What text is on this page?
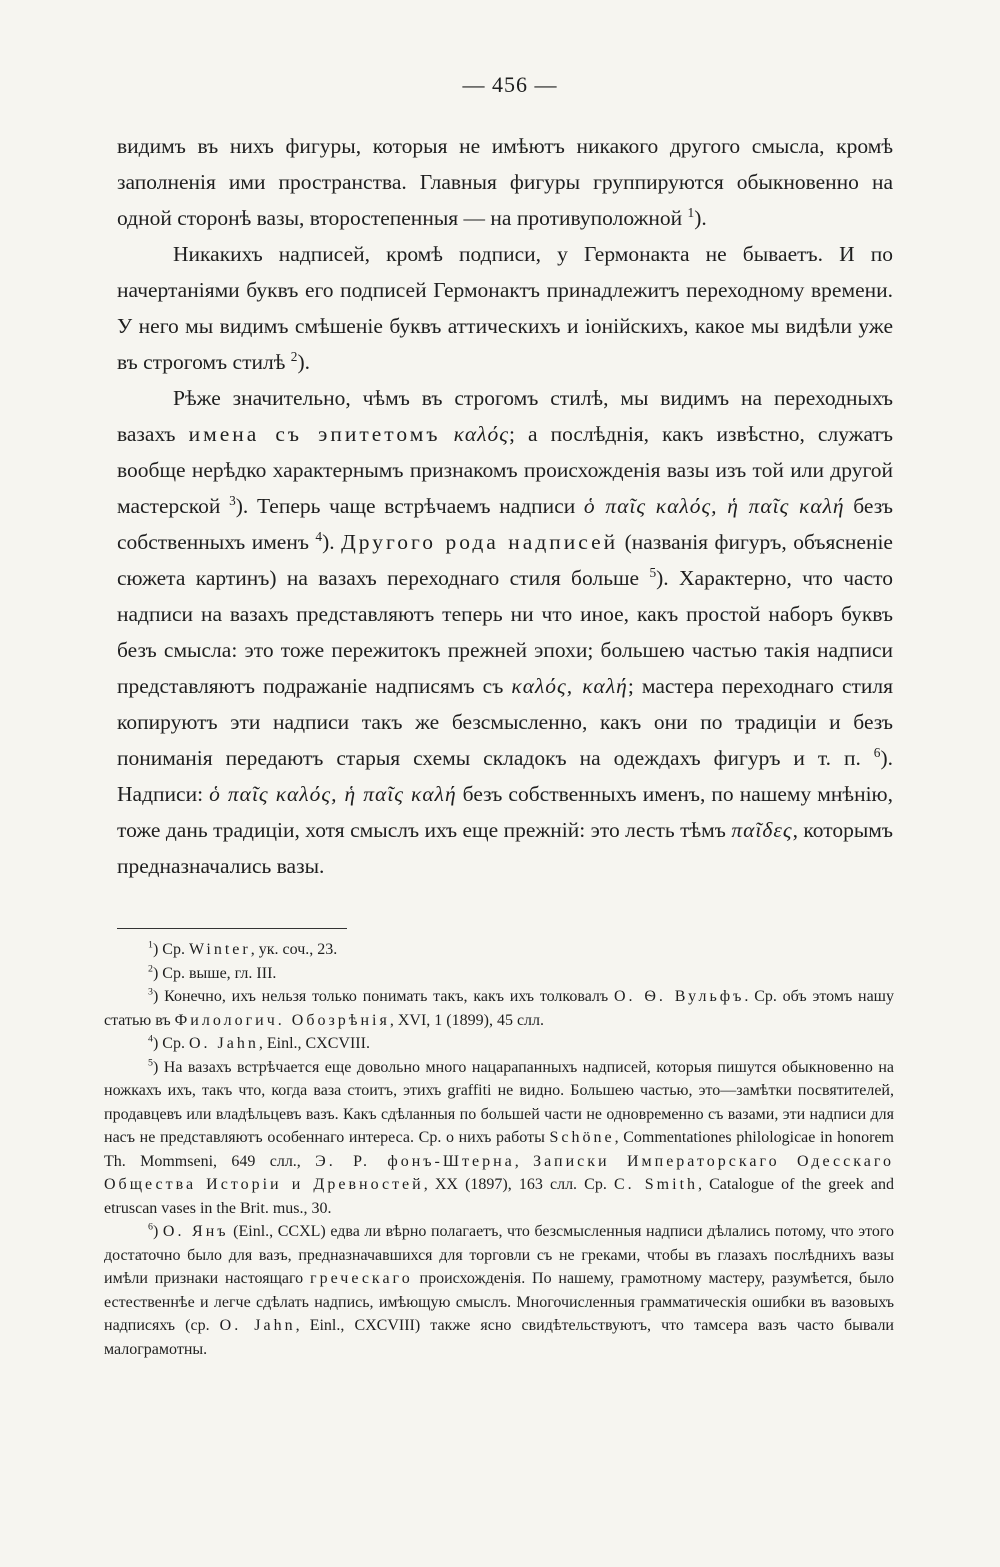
— 456 —

видимъ въ нихъ фигуры, которыя не имѣютъ никакого другого смысла, кромѣ заполненія ими пространства. Главныя фигуры группируются обыкновенно на одной сторонѣ вазы, второстепенныя — на противуположной $^1$).

Никакихъ надписей, кромѣ подписи, у Гермонакта не бываетъ. И по начертаніями буквъ его подписей Гермонактъ принадлежитъ переходному времени. У него мы видимъ смѣшеніе буквъ аттическихъ и іонійскихъ, какое мы видѣли уже въ строгомъ стилѣ $^2$).

Рѣже значительно, чѣмъ въ строгомъ стилѣ, мы видимъ на переходныхъ вазахъ имена съ эпитетомъ καλός; а послѣднія, какъ извѣстно, служатъ вообще нерѣдко характернымъ признакомъ происхожденія вазы изъ той или другой мастерской $^3$). Теперь чаще встрѣчаемъ надписи ὁ παῖς καλός, ἡ παῖς καλή безъ собственныхъ именъ $^4$). Другого рода надписей (названія фигуръ, объясненіе сюжета картинъ) на вазахъ переходнаго стиля больше $^5$). Характерно, что часто надписи на вазахъ представляютъ теперь ни что иное, какъ простой наборъ буквъ безъ смысла: это тоже пережитокъ прежней эпохи; большею частью такія надписи представляютъ подражаніе надписямъ съ καλός, καλή; мастера переходнаго стиля копируютъ эти надписи такъ же безсмысленно, какъ они по традиціи и безъ пониманія передаютъ старыя схемы складокъ на одеждахъ фигуръ и т. п. $^6$). Надписи: ὁ παῖς καλός, ἡ παῖς καλή безъ собственныхъ именъ, по нашему мнѣнію, тоже дань традиціи, хотя смыслъ ихъ еще прежній: это лесть тѣмъ παῖδες, которымъ предназначались вазы.

$^1$) Ср. Winter, ук. соч., 23.

$^2$) Ср. выше, гл. III.

$^3$) Конечно, ихъ нельзя только понимать такъ, какъ ихъ толковалъ О. Ѳ. Вульфъ. Ср. объ этомъ нашу статью въ Филологич. Обозрѣнія, XVI, 1 (1899), 45 слл.

$^4$) Ср. O. Jahn, Einl., CXCVIII.

$^5$) На вазахъ встрѣчается еще довольно много нацарапанныхъ надписей, которыя пишутся обыкновенно на ножкахъ ихъ, такъ что, когда ваза стоитъ, этихъ graffiti не видно. Большею частью, это—замѣтки посвятителей, продавцевъ или владѣльцевъ вазъ. Какъ сдѣланныя по большей части не одновременно съ вазами, эти надписи для насъ не представляютъ особеннаго интереса. Ср. о нихъ работы Schöne, Commentationes philologicae in honorem Th. Mommseni, 649 слл., Э. Р. фонъ-Штерна, Записки Императорскаго Одесскаго Общества Исторіи и Древностей, XX (1897), 163 слл. Ср. C. Smith, Catalogue of the greek and etruscan vases in the Brit. mus., 30.

$^6$) О. Янъ (Einl., CCXL) едва ли вѣрно полагаетъ, что безсмысленныя надписи дѣлались потому, что этого достаточно было для вазъ, предназначавшихся для торговли съ не греками, чтобы въ глазахъ послѣднихъ вазы имѣли признаки настоящаго греческаго происхожденія. По нашему, грамотному мастеру, разумѣется, было естественнѣе и легче сдѣлать надпись, имѣющую смыслъ. Многочисленныя грамматическія ошибки въ вазовыхъ надписяхъ (ср. O. Jahn, Einl., CXCVIII) также ясно свидѣтельствуютъ, что тамсера вазъ часто бывали малограмотны.
